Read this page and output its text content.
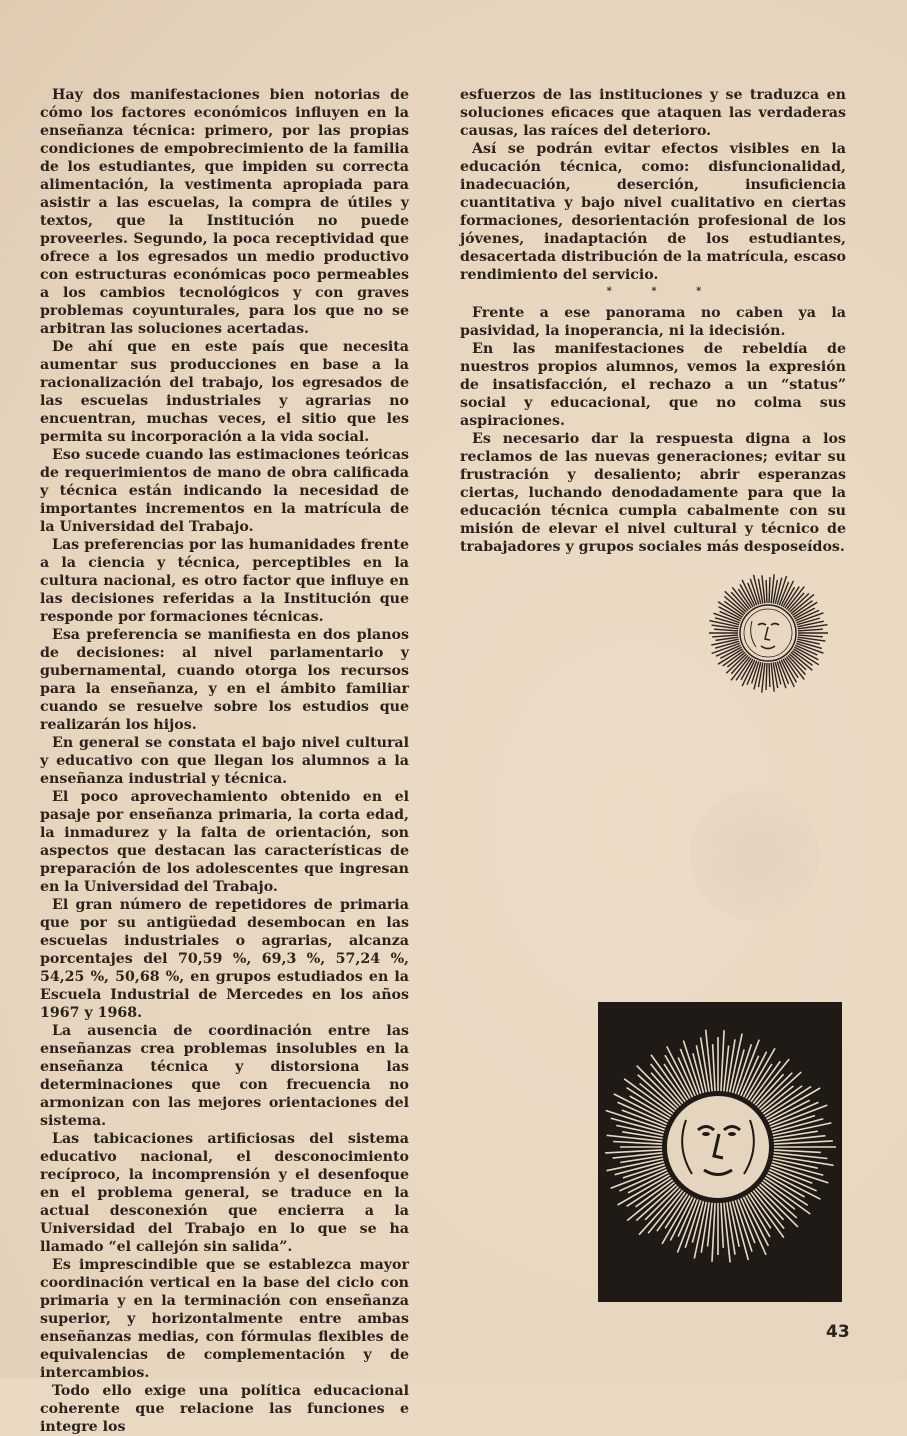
Hay dos manifestaciones bien notorias de cómo los factores económicos influyen en la enseñanza técnica: primero, por las propias condiciones de empobrecimiento de la familia de los estudiantes, que impiden su correcta alimentación, la vestimenta apropiada para asistir a las escuelas, la compra de útiles y textos, que la Institución no puede proveerles. Segundo, la poca receptividad que ofrece a los egresados un medio productivo con estructuras económicas poco permeables a los cambios tecnológicos y con graves problemas coyunturales, para los que no se arbitran las soluciones acertadas.

De ahí que en este país que necesita aumentar sus producciones en base a la racionalización del trabajo, los egresados de las escuelas industriales y agrarias no encuentran, muchas veces, el sitio que les permita su incorporación a la vida social.

Eso sucede cuando las estimaciones teóricas de requerimientos de mano de obra calificada y técnica están indicando la necesidad de importantes incrementos en la matrícula de la Universidad del Trabajo.

Las preferencias por las humanidades frente a la ciencia y técnica, perceptibles en la cultura nacional, es otro factor que influye en las decisiones referidas a la Institución que responde por formaciones técnicas.

Esa preferencia se manifiesta en dos planos de decisiones: al nivel parlamentario y gubernamental, cuando otorga los recursos para la enseñanza, y en el ámbito familiar cuando se resuelve sobre los estudios que realizarán los hijos.

En general se constata el bajo nivel cultural y educativo con que llegan los alumnos a la enseñanza industrial y técnica.

El poco aprovechamiento obtenido en el pasaje por enseñanza primaria, la corta edad, la inmadurez y la falta de orientación, son aspectos que destacan las características de preparación de los adolescentes que ingresan en la Universidad del Trabajo.

El gran número de repetidores de primaria que por su antigüedad desembocan en las escuelas industriales o agrarias, alcanza porcentajes del 70,59 %, 69,3 %, 57,24 %, 54,25 %, 50,68 %, en grupos estudiados en la Escuela Industrial de Mercedes en los años 1967 y 1968.

La ausencia de coordinación entre las enseñanzas crea problemas insolubles en la enseñanza técnica y distorsiona las determinaciones que con frecuencia no armonizan con las mejores orientaciones del sistema.

Las tabicaciones artificiosas del sistema educativo nacional, el desconocimiento recíproco, la incomprensión y el desenfoque en el problema general, se traduce en la actual desconexión que encierra a la Universidad del Trabajo en lo que se ha llamado “el callejón sin salida”.

Es imprescindible que se establezca mayor coordinación vertical en la base del ciclo con primaria y en la terminación con enseñanza superior, y horizontalmente entre ambas enseñanzas medias, con fórmulas flexibles de equivalencias de complementación y de intercambios.

Todo ello exige una política educacional coherente que relacione las funciones e integre los

esfuerzos de las instituciones y se traduzca en soluciones eficaces que ataquen las verdaderas causas, las raíces del deterioro.

Así se podrán evitar efectos visibles en la educación técnica, como: disfuncionalidad, inadecuación, deserción, insuficiencia cuantitativa y bajo nivel cualitativo en ciertas formaciones, desorientación profesional de los jóvenes, inadaptación de los estudiantes, desacertada distribución de la matrícula, escaso rendimiento del servicio.

* * *

Frente a ese panorama no caben ya la pasividad, la inoperancia, ni la idecisión.

En las manifestaciones de rebeldía de nuestros propios alumnos, vemos la expresión de insatisfacción, el rechazo a un “status” social y educacional, que no colma sus aspiraciones.

Es necesario dar la respuesta digna a los reclamos de las nuevas generaciones; evitar su frustración y desaliento; abrir esperanzas ciertas, luchando denodadamente para que la educación técnica cumpla cabalmente con su misión de elevar el nivel cultural y técnico de trabajadores y grupos sociales más desposeídos.

43
